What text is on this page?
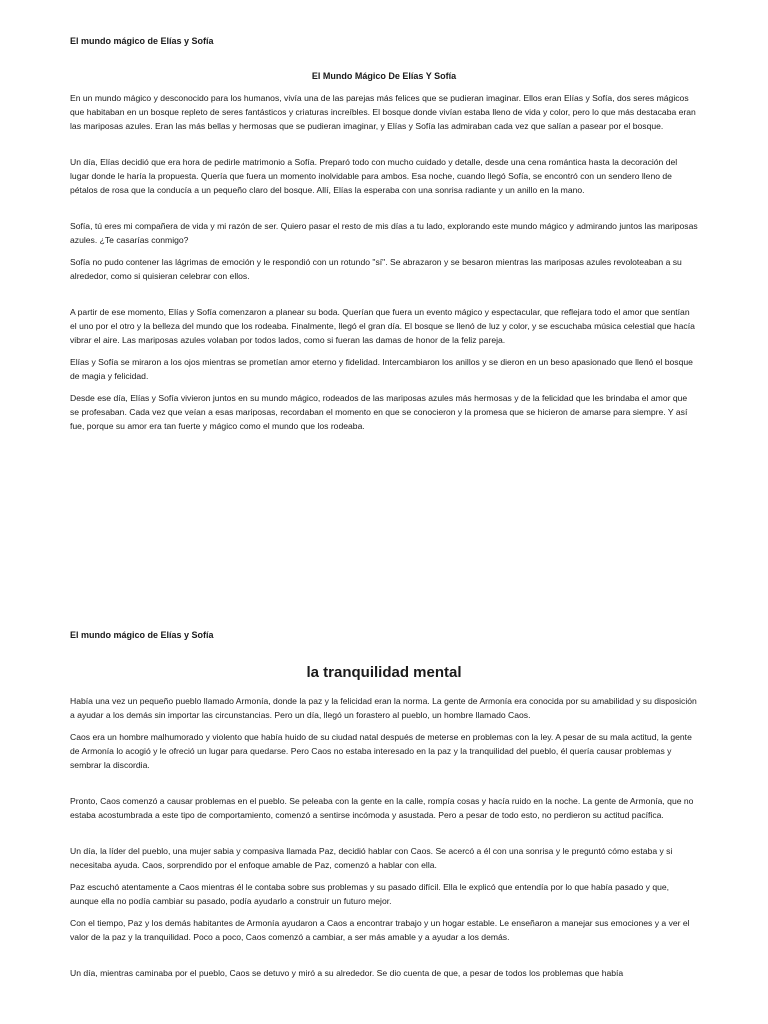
El mundo mágico de Elías y Sofía

El Mundo Mágico De Elías Y Sofía

En un mundo mágico y desconocido para los humanos, vivía una de las parejas más felices que se pudieran imaginar. Ellos eran Elías y Sofía, dos seres mágicos que habitaban en un bosque repleto de seres fantásticos y criaturas increíbles. El bosque donde vivían estaba lleno de vida y color, pero lo que más destacaba eran las mariposas azules. Eran las más bellas y hermosas que se pudieran imaginar, y Elías y Sofía las admiraban cada vez que salían a pasear por el bosque.

Un día, Elías decidió que era hora de pedirle matrimonio a Sofía. Preparó todo con mucho cuidado y detalle, desde una cena romántica hasta la decoración del lugar donde le haría la propuesta. Quería que fuera un momento inolvidable para ambos. Esa noche, cuando llegó Sofía, se encontró con un sendero lleno de pétalos de rosa que la conducía a un pequeño claro del bosque. Allí, Elías la esperaba con una sonrisa radiante y un anillo en la mano.

Sofía, tú eres mi compañera de vida y mi razón de ser. Quiero pasar el resto de mis días a tu lado, explorando este mundo mágico y admirando juntos las mariposas azules. ¿Te casarías conmigo?

Sofía no pudo contener las lágrimas de emoción y le respondió con un rotundo "sí". Se abrazaron y se besaron mientras las mariposas azules revoloteaban a su alrededor, como si quisieran celebrar con ellos.

A partir de ese momento, Elías y Sofía comenzaron a planear su boda. Querían que fuera un evento mágico y espectacular, que reflejara todo el amor que sentían el uno por el otro y la belleza del mundo que los rodeaba. Finalmente, llegó el gran día. El bosque se llenó de luz y color, y se escuchaba música celestial que hacía vibrar el aire. Las mariposas azules volaban por todos lados, como si fueran las damas de honor de la feliz pareja.

Elías y Sofía se miraron a los ojos mientras se prometían amor eterno y fidelidad. Intercambiaron los anillos y se dieron en un beso apasionado que llenó el bosque de magia y felicidad.

Desde ese día, Elías y Sofía vivieron juntos en su mundo mágico, rodeados de las mariposas azules más hermosas y de la felicidad que les brindaba el amor que se profesaban. Cada vez que veían a esas mariposas, recordaban el momento en que se conocieron y la promesa que se hicieron de amarse para siempre. Y así fue, porque su amor era tan fuerte y mágico como el mundo que los rodeaba.

El mundo mágico de Elías y Sofía

la tranquilidad mental

Había una vez un pequeño pueblo llamado Armonía, donde la paz y la felicidad eran la norma. La gente de Armonía era conocida por su amabilidad y su disposición a ayudar a los demás sin importar las circunstancias. Pero un día, llegó un forastero al pueblo, un hombre llamado Caos.

Caos era un hombre malhumorado y violento que había huido de su ciudad natal después de meterse en problemas con la ley. A pesar de su mala actitud, la gente de Armonía lo acogió y le ofreció un lugar para quedarse. Pero Caos no estaba interesado en la paz y la tranquilidad del pueblo, él quería causar problemas y sembrar la discordia.

Pronto, Caos comenzó a causar problemas en el pueblo. Se peleaba con la gente en la calle, rompía cosas y hacía ruido en la noche. La gente de Armonía, que no estaba acostumbrada a este tipo de comportamiento, comenzó a sentirse incómoda y asustada. Pero a pesar de todo esto, no perdieron su actitud pacífica.

Un día, la líder del pueblo, una mujer sabia y compasiva llamada Paz, decidió hablar con Caos. Se acercó a él con una sonrisa y le preguntó cómo estaba y si necesitaba ayuda. Caos, sorprendido por el enfoque amable de Paz, comenzó a hablar con ella.

Paz escuchó atentamente a Caos mientras él le contaba sobre sus problemas y su pasado difícil. Ella le explicó que entendía por lo que había pasado y que, aunque ella no podía cambiar su pasado, podía ayudarlo a construir un futuro mejor.

Con el tiempo, Paz y los demás habitantes de Armonía ayudaron a Caos a encontrar trabajo y un hogar estable. Le enseñaron a manejar sus emociones y a ver el valor de la paz y la tranquilidad. Poco a poco, Caos comenzó a cambiar, a ser más amable y a ayudar a los demás.

Un día, mientras caminaba por el pueblo, Caos se detuvo y miró a su alrededor. Se dio cuenta de que, a pesar de todos los problemas que había
